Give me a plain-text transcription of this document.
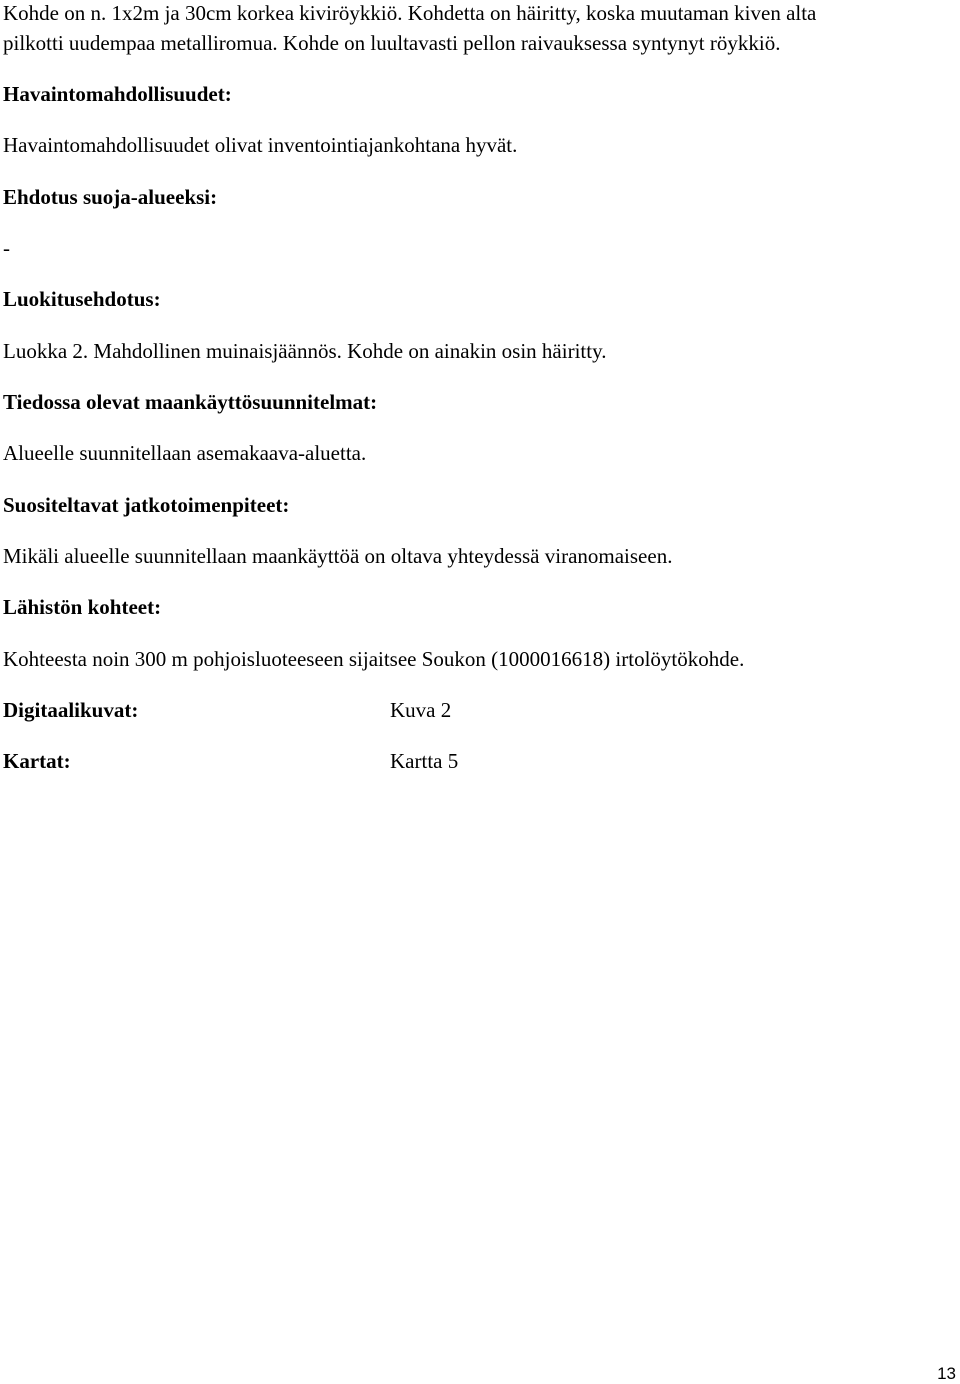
Kohde on n. 1x2m ja 30cm korkea kiviröykkiö. Kohdetta on häiritty, koska muutaman kiven alta
pilkotti uudempaa metalliromua. Kohde on luultavasti pellon raivauksessa syntynyt röykkiö.
Havaintomahdollisuudet:
Havaintomahdollisuudet olivat inventointiajankohtana hyvät.
Ehdotus suoja-alueeksi:
-
Luokitusehdotus:
Luokka 2. Mahdollinen muinaisjäännös. Kohde on ainakin osin häiritty.
Tiedossa olevat maankäyttösuunnitelmat:
Alueelle suunnitellaan asemakaava-aluetta.
Suositeltavat jatkotoimenpiteet:
Mikäli alueelle suunnitellaan maankäyttöä on oltava yhteydessä viranomaiseen.
Lähistön kohteet:
Kohteesta noin 300 m pohjoisluoteeseen sijaitsee Soukon (1000016618) irtolöytökohde.
Digitaalikuvat:	Kuva 2
Kartat:	Kartta 5
13
